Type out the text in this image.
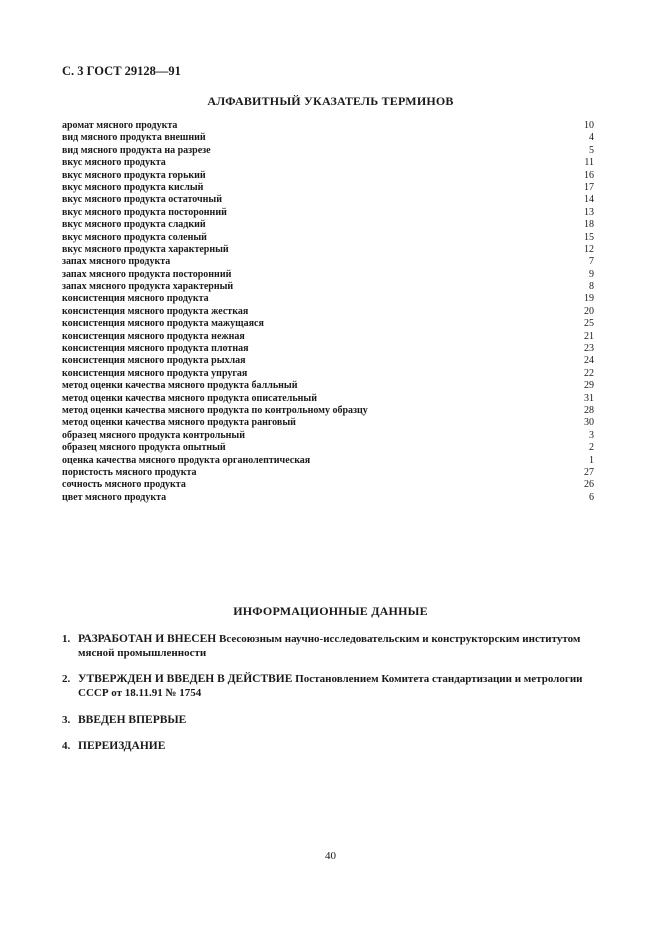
С. 3 ГОСТ 29128—91
АЛФАВИТНЫЙ УКАЗАТЕЛЬ ТЕРМИНОВ
аромат мясного продукта	10
вид мясного продукта внешний	4
вид мясного продукта на разрезе	5
вкус мясного продукта	11
вкус мясного продукта горький	16
вкус мясного продукта кислый	17
вкус мясного продукта остаточный	14
вкус мясного продукта посторонний	13
вкус мясного продукта сладкий	18
вкус мясного продукта соленый	15
вкус мясного продукта характерный	12
запах мясного продукта	7
запах мясного продукта посторонний	9
запах мясного продукта характерный	8
консистенция мясного продукта	19
консистенция мясного продукта жесткая	20
консистенция мясного продукта мажущаяся	25
консистенция мясного продукта нежная	21
консистенция мясного продукта плотная	23
консистенция мясного продукта рыхлая	24
консистенция мясного продукта упругая	22
метод оценки качества мясного продукта балльный	29
метод оценки качества мясного продукта описательный	31
метод оценки качества мясного продукта по контрольному образцу	28
метод оценки качества мясного продукта ранговый	30
образец мясного продукта контрольный	3
образец мясного продукта опытный	2
оценка качества мясного продукта органолептическая	1
пористость мясного продукта	27
сочность мясного продукта	26
цвет мясного продукта	6
ИНФОРМАЦИОННЫЕ ДАННЫЕ
1. РАЗРАБОТАН И ВНЕСЕН Всесоюзным научно-исследовательским и конструкторским институтом мясной промышленности
2. УТВЕРЖДЕН И ВВЕДЕН В ДЕЙСТВИЕ Постановлением Комитета стандартизации и метрологии СССР от 18.11.91 № 1754
3. ВВЕДЕН ВПЕРВЫЕ
4. ПЕРЕИЗДАНИЕ
40
